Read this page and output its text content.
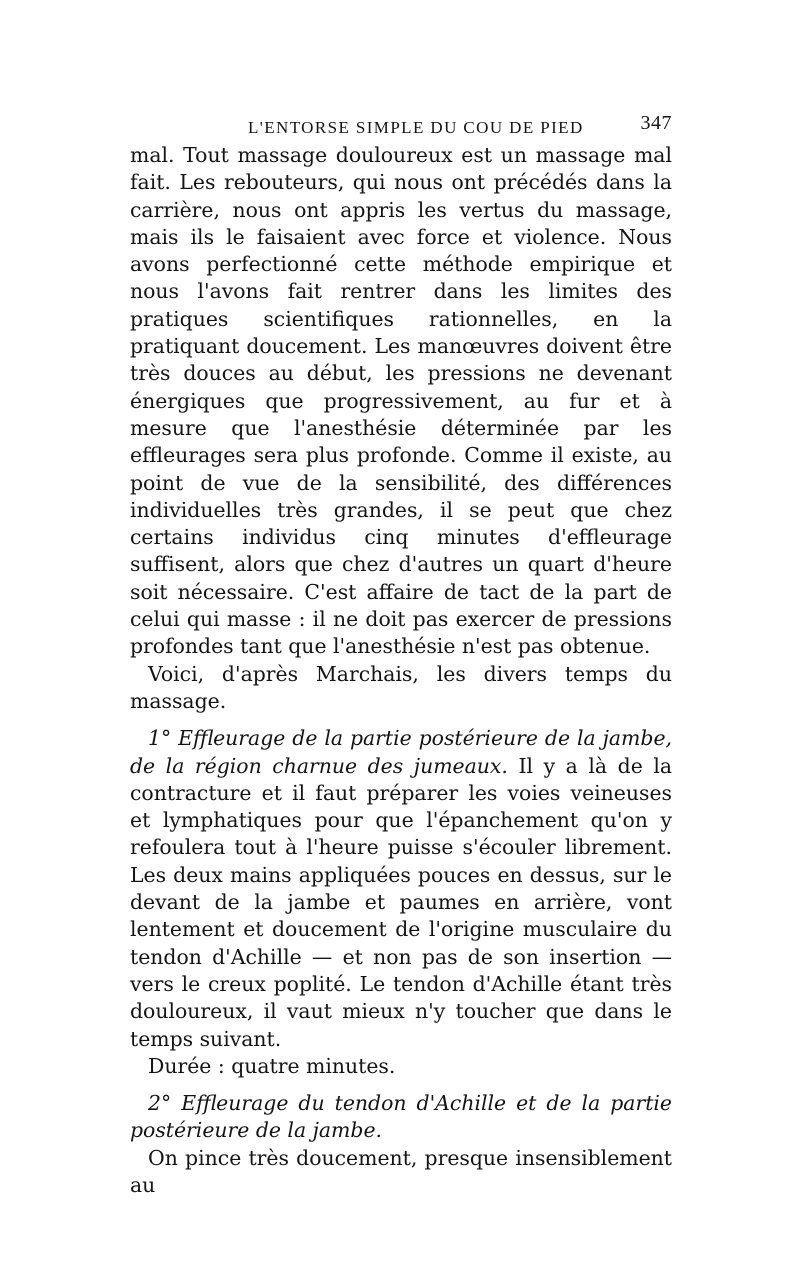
L'ENTORSE SIMPLE DU COU DE PIED	347

mal. Tout massage douloureux est un massage mal fait. Les rebouteurs, qui nous ont précédés dans la carrière, nous ont appris les vertus du massage, mais ils le faisaient avec force et violence. Nous avons perfectionné cette méthode empirique et nous l'avons fait rentrer dans les limites des pratiques scientifiques rationnelles, en la pratiquant doucement. Les manœuvres doivent être très douces au début, les pressions ne devenant énergiques que progressivement, au fur et à mesure que l'anesthésie déterminée par les effleurages sera plus profonde. Comme il existe, au point de vue de la sensibilité, des différences individuelles très grandes, il se peut que chez certains individus cinq minutes d'effleurage suffisent, alors que chez d'autres un quart d'heure soit nécessaire. C'est affaire de tact de la part de celui qui masse : il ne doit pas exercer de pressions profondes tant que l'anesthésie n'est pas obtenue.

Voici, d'après Marchais, les divers temps du massage.

1° Effleurage de la partie postérieure de la jambe, de la région charnue des jumeaux. Il y a là de la contracture et il faut préparer les voies veineuses et lymphatiques pour que l'épanchement qu'on y refoulera tout à l'heure puisse s'écouler librement. Les deux mains appliquées pouces en dessus, sur le devant de la jambe et paumes en arrière, vont lentement et doucement de l'origine musculaire du tendon d'Achille — et non pas de son insertion — vers le creux poplité. Le tendon d'Achille étant très douloureux, il vaut mieux n'y toucher que dans le temps suivant.

Durée : quatre minutes.

2° Effleurage du tendon d'Achille et de la partie postérieure de la jambe.

On pince très doucement, presque insensiblement au
